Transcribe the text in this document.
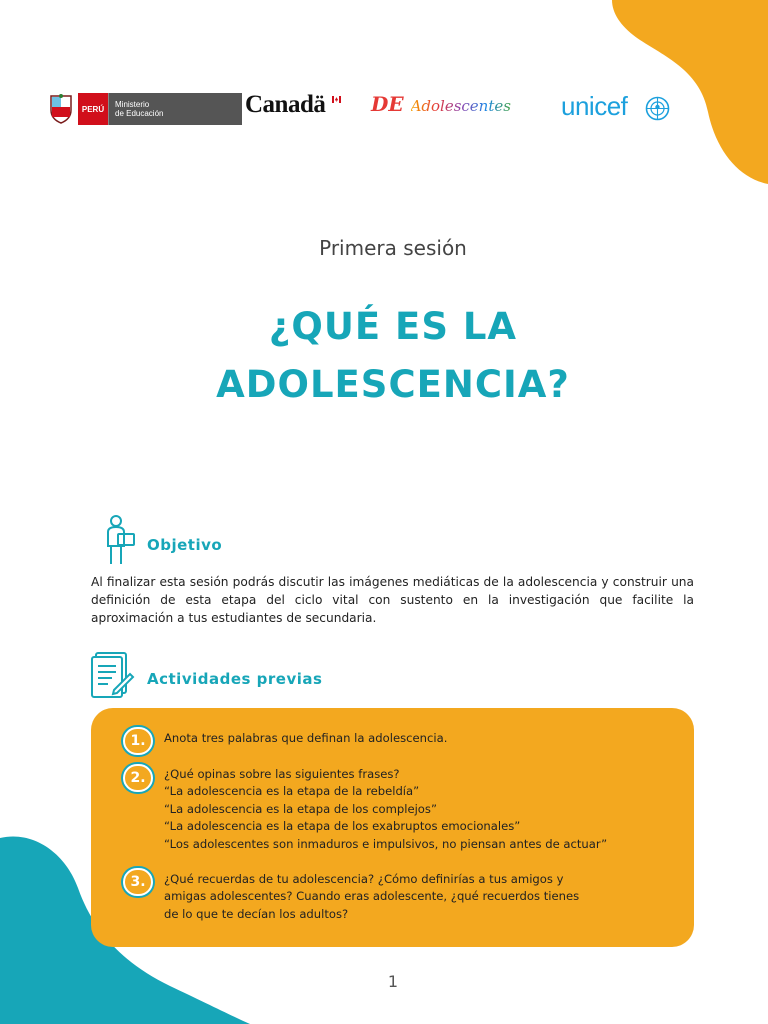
PERÚ	Ministerio
de Educación	Canadä DE Adolescentes unicef
Primera sesión
¿QUÉ ES LA
ADOLESCENCIA?
Objetivo
Al finalizar esta sesión podrás discutir las imágenes mediáticas de la adolescencia y construir una definición de esta etapa del ciclo vital con sustento en la investigación que facilite la aproximación a tus estudiantes de secundaria.
Actividades previas
1.	Anota tres palabras que definan la adolescencia.
2.	¿Qué opinas sobre las siguientes frases?
“La adolescencia es la etapa de la rebeldía”
“La adolescencia es la etapa de los complejos”
“La adolescencia es la etapa de los exabruptos emocionales”
“Los adolescentes son inmaduros e impulsivos, no piensan antes de actuar”
3.	¿Qué recuerdas de tu adolescencia? ¿Cómo definirías a tus amigos y
amigas adolescentes? Cuando eras adolescente, ¿qué recuerdos tienes
de lo que te decían los adultos?
1
